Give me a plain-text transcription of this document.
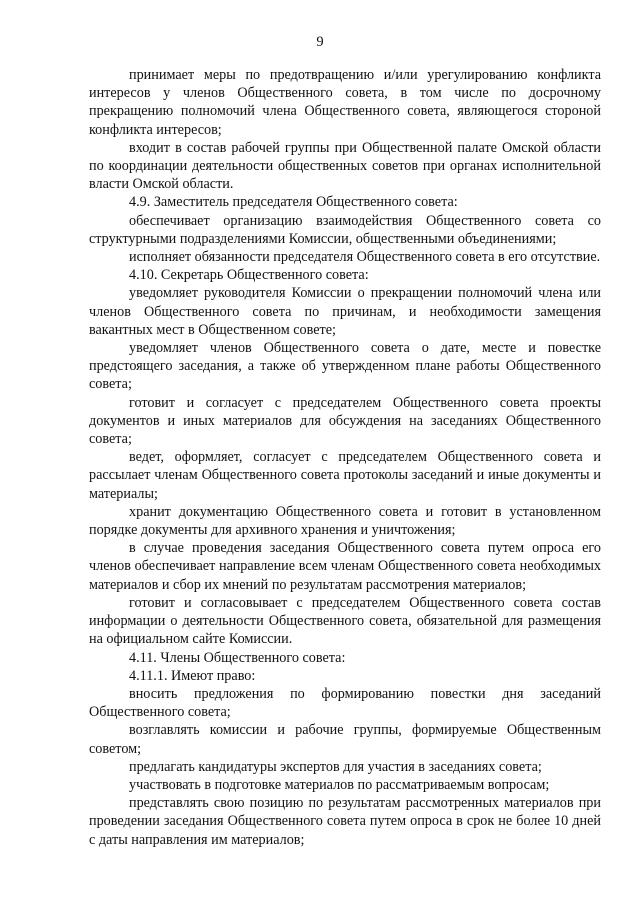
9

принимает меры по предотвращению и/или урегулированию конфликта интересов у членов Общественного совета, в том числе по досрочному прекращению полномочий члена Общественного совета, являющегося стороной конфликта интересов;

входит в состав рабочей группы при Общественной палате Омской области по координации деятельности общественных советов при органах исполнительной власти Омской области.

4.9. Заместитель председателя Общественного совета:

обеспечивает организацию взаимодействия Общественного совета со структурными подразделениями Комиссии, общественными объединениями;

исполняет обязанности председателя Общественного совета в его отсутствие.

4.10. Секретарь Общественного совета:

уведомляет руководителя Комиссии о прекращении полномочий члена или членов Общественного совета по причинам, и необходимости замещения вакантных мест в Общественном совете;

уведомляет членов Общественного совета о дате, месте и повестке предстоящего заседания, а также об утвержденном плане работы Общественного совета;

готовит и согласует с председателем Общественного совета проекты документов и иных материалов для обсуждения на заседаниях Общественного совета;

ведет, оформляет, согласует с председателем Общественного совета и рассылает членам Общественного совета протоколы заседаний и иные документы и материалы;

хранит документацию Общественного совета и готовит в установленном порядке документы для архивного хранения и уничтожения;

в случае проведения заседания Общественного совета путем опроса его членов обеспечивает направление всем членам Общественного совета необходимых материалов и сбор их мнений по результатам рассмотрения материалов;

готовит и согласовывает с председателем Общественного совета состав информации о деятельности Общественного совета, обязательной для размещения на официальном сайте Комиссии.

4.11. Члены Общественного совета:

4.11.1. Имеют право:

вносить предложения по формированию повестки дня заседаний Общественного совета;

возглавлять комиссии и рабочие группы, формируемые Общественным советом;

предлагать кандидатуры экспертов для участия в заседаниях совета;

участвовать в подготовке материалов по рассматриваемым вопросам;

представлять свою позицию по результатам рассмотренных материалов при проведении заседания Общественного совета путем опроса в срок не более 10 дней с даты направления им материалов;
